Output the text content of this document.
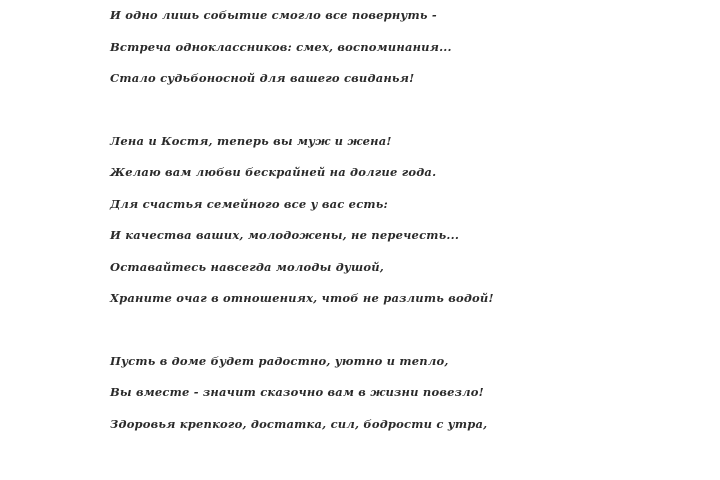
И одно лишь событие смогло все повернуть -
Встреча одноклассников: смех, воспоминания...
Стало судьбоносной для вашего свиданья!
Лена и Костя, теперь вы муж и жена!
Желаю вам любви бескрайней на долгие года.
Для счастья семейного все у вас есть:
И качества ваших, молодожены, не перечесть...
Оставайтесь навсегда молоды душой,
Храните очаг в отношениях, чтоб не разлить водой!
Пусть в доме будет радостно, уютно и тепло,
Вы вместе - значит сказочно вам в жизни повезло!
Здоровья крепкого, достатка, сил, бодрости с утра,
